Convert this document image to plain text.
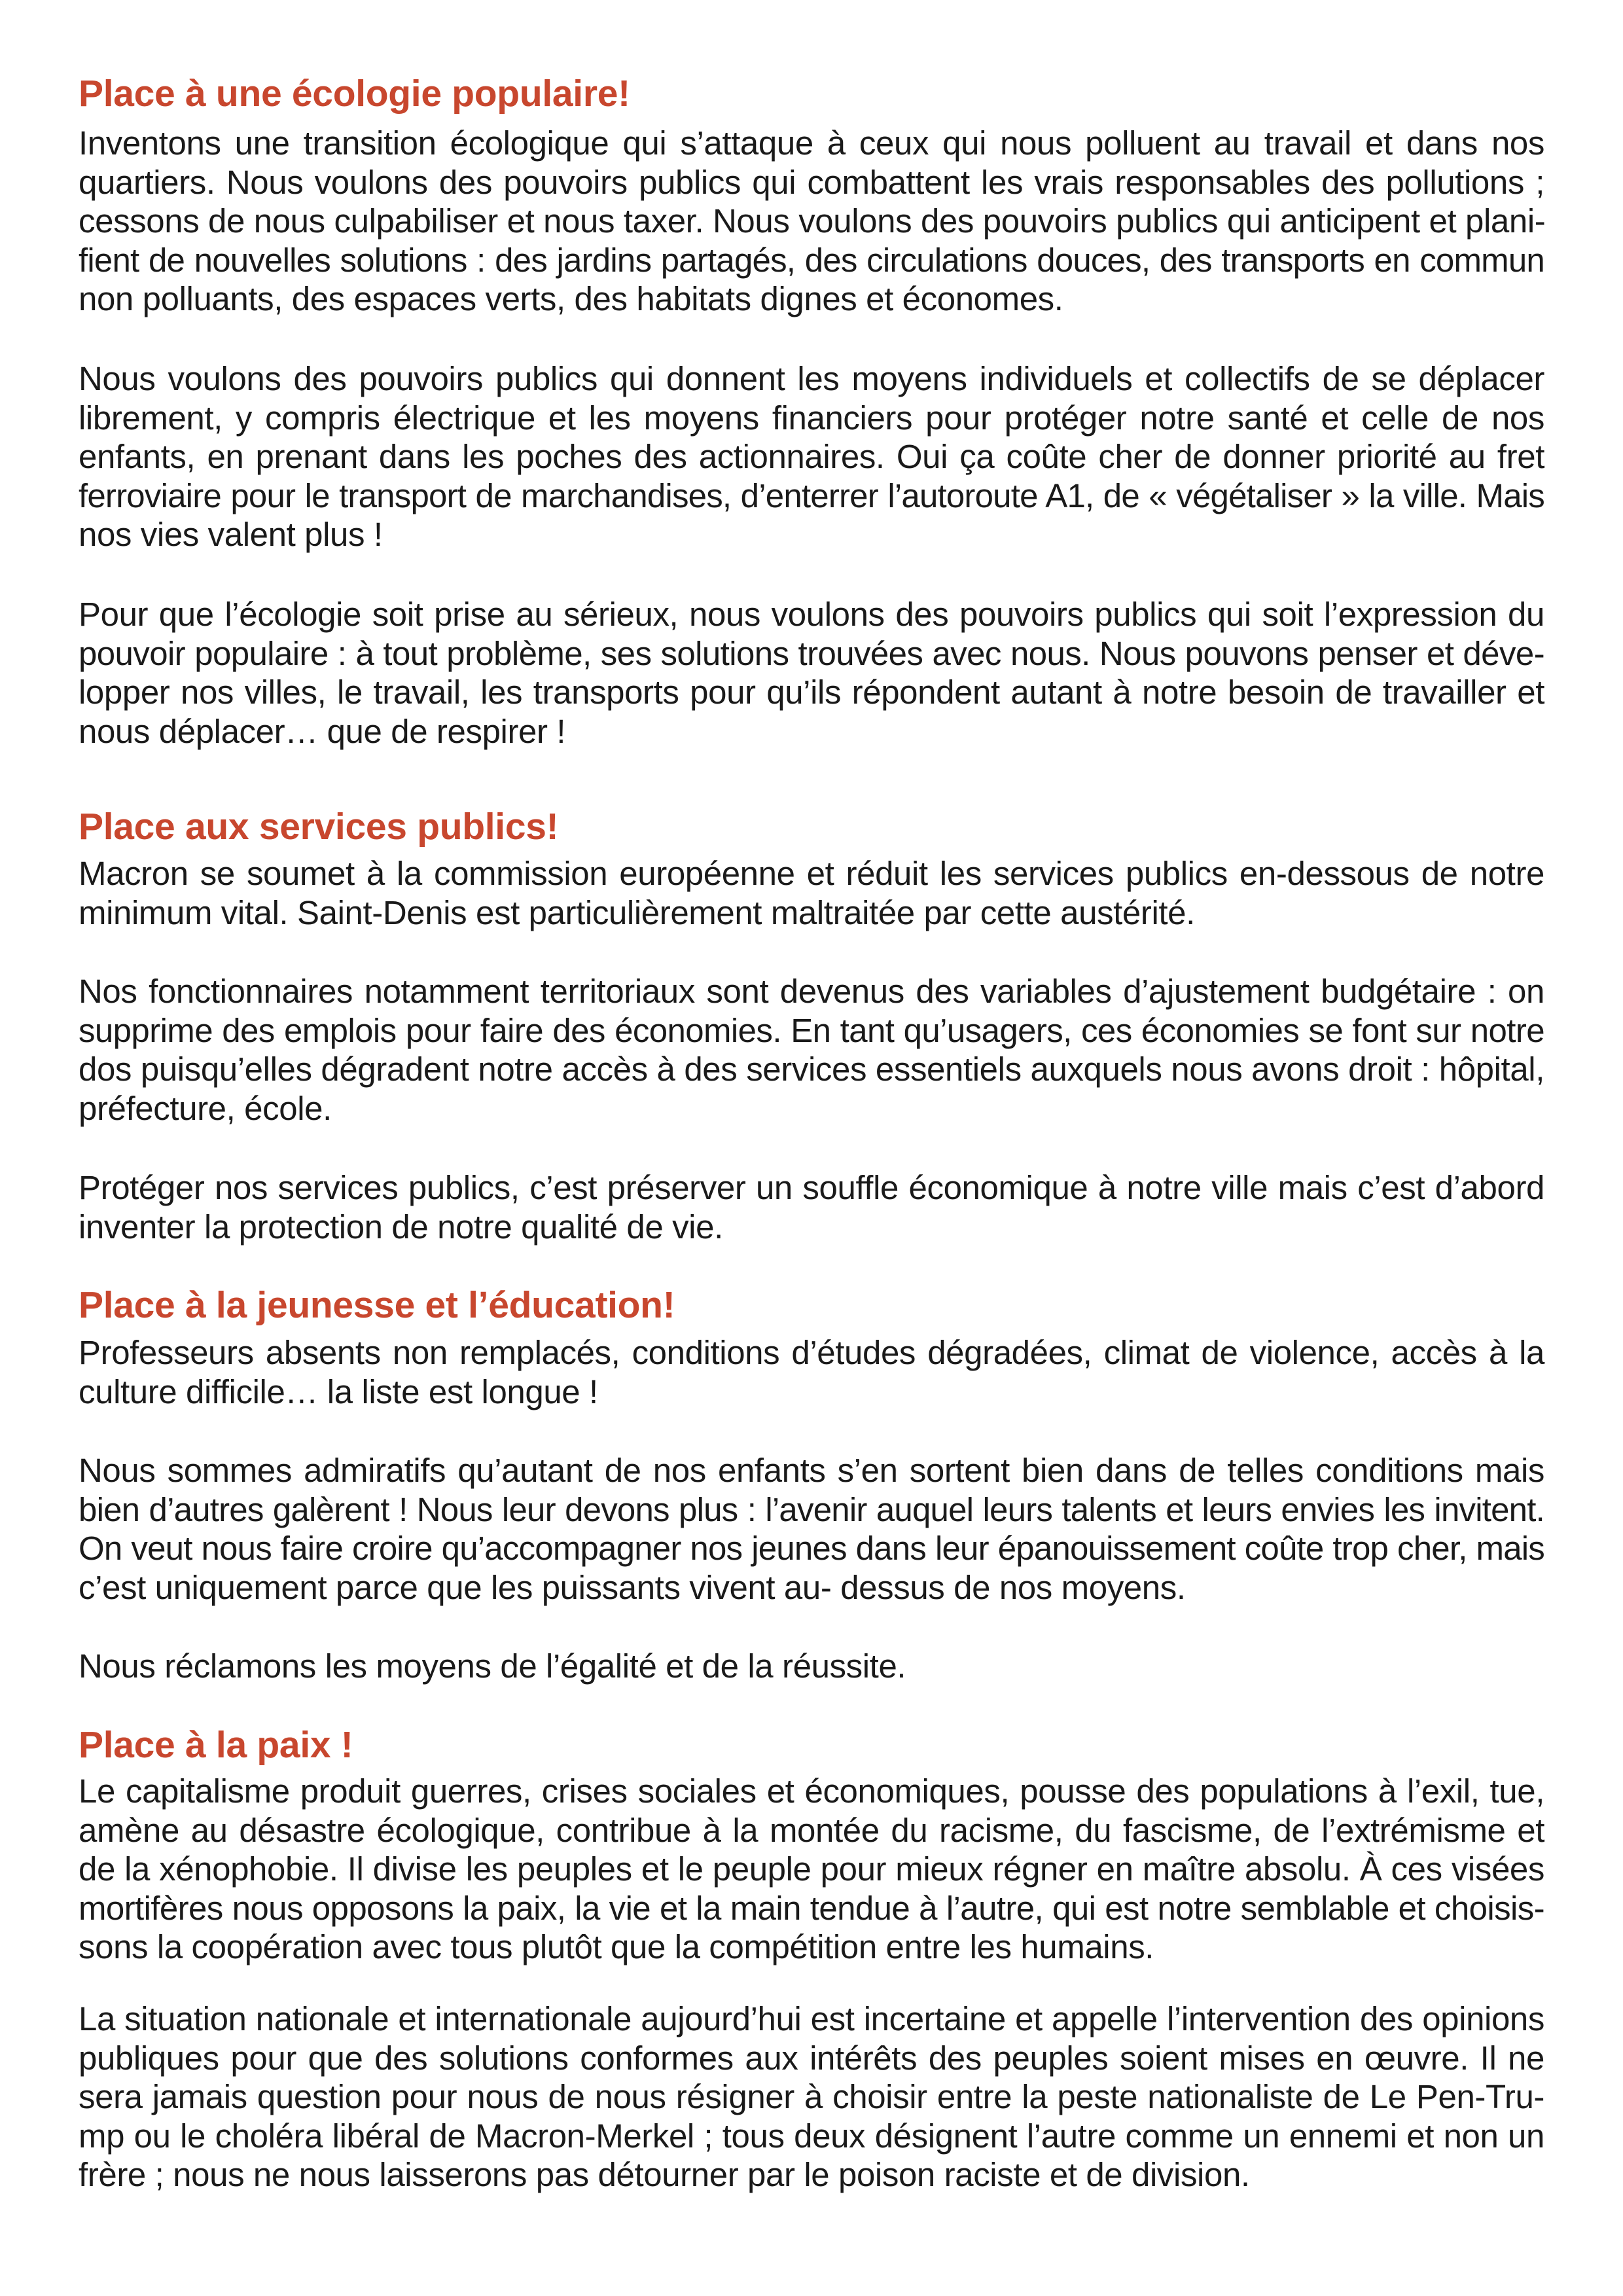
Place à une écologie populaire!
Inventons une transition écologique qui s’attaque à ceux qui nous polluent au travail et dans nos
quartiers. Nous voulons des pouvoirs publics qui combattent les vrais responsables des pollutions ;
cessons de nous culpabiliser et nous taxer. Nous voulons des pouvoirs publics qui anticipent et plani-
fient de nouvelles solutions : des jardins partagés, des circulations douces, des transports en commun
non polluants, des espaces verts, des habitats dignes et économes.
Nous voulons des pouvoirs publics qui donnent les moyens individuels et collectifs de se déplacer
librement, y compris électrique et les moyens financiers pour protéger notre santé et celle de nos
enfants, en prenant dans les poches des actionnaires. Oui ça coûte cher de donner priorité au fret
ferroviaire pour le transport de marchandises, d’enterrer l’autoroute A1, de « végétaliser » la ville. Mais
nos vies valent plus !
Pour que l’écologie soit prise au sérieux, nous voulons des pouvoirs publics qui soit l’expression du
pouvoir populaire : à tout problème, ses solutions trouvées avec nous. Nous pouvons penser et déve-
lopper nos villes, le travail, les transports pour qu’ils répondent autant à notre besoin de travailler et
nous déplacer… que de respirer !
Place aux services publics!
Macron se soumet à la commission européenne et réduit les services publics en-dessous de notre
minimum vital. Saint-Denis est particulièrement maltraitée par cette austérité.
Nos fonctionnaires notamment territoriaux sont devenus des variables d’ajustement budgétaire : on
supprime des emplois pour faire des économies. En tant qu’usagers, ces économies se font sur notre
dos puisqu’elles dégradent notre accès à des services essentiels auxquels nous avons droit : hôpital,
préfecture, école.
Protéger nos services publics, c’est préserver un souffle économique à notre ville mais c’est d’abord
inventer la protection de notre qualité de vie.
Place à la jeunesse et l’éducation!
Professeurs absents non remplacés, conditions d’études dégradées, climat de violence, accès à la
culture difficile… la liste est longue !
Nous sommes admiratifs qu’autant de nos enfants s’en sortent bien dans de telles conditions mais
bien d’autres galèrent ! Nous leur devons plus : l’avenir auquel leurs talents et leurs envies les invitent.
On veut nous faire croire qu’accompagner nos jeunes dans leur épanouissement coûte trop cher, mais
c’est uniquement parce que les puissants vivent au- dessus de nos moyens.
Nous réclamons les moyens de l’égalité et de la réussite.
Place à la paix !
Le capitalisme produit guerres, crises sociales et économiques, pousse des populations à l’exil, tue,
amène au désastre écologique, contribue à la montée du racisme, du fascisme, de l’extrémisme et
de la xénophobie. Il divise les peuples et le peuple pour mieux régner en maître absolu. À ces visées
mortifères nous opposons la paix, la vie et la main tendue à l’autre, qui est notre semblable et choisis-
sons la coopération avec tous plutôt que la compétition entre les humains.
La situation nationale et internationale aujourd’hui est incertaine et appelle l’intervention des opinions
publiques pour que des solutions conformes aux intérêts des peuples soient mises en œuvre. Il ne
sera jamais question pour nous de nous résigner à choisir entre la peste nationaliste de Le Pen-Tru-
mp ou le choléra libéral de Macron-Merkel ; tous deux désignent l’autre comme un ennemi et non un
frère ; nous ne nous laisserons pas détourner par le poison raciste et de division.
